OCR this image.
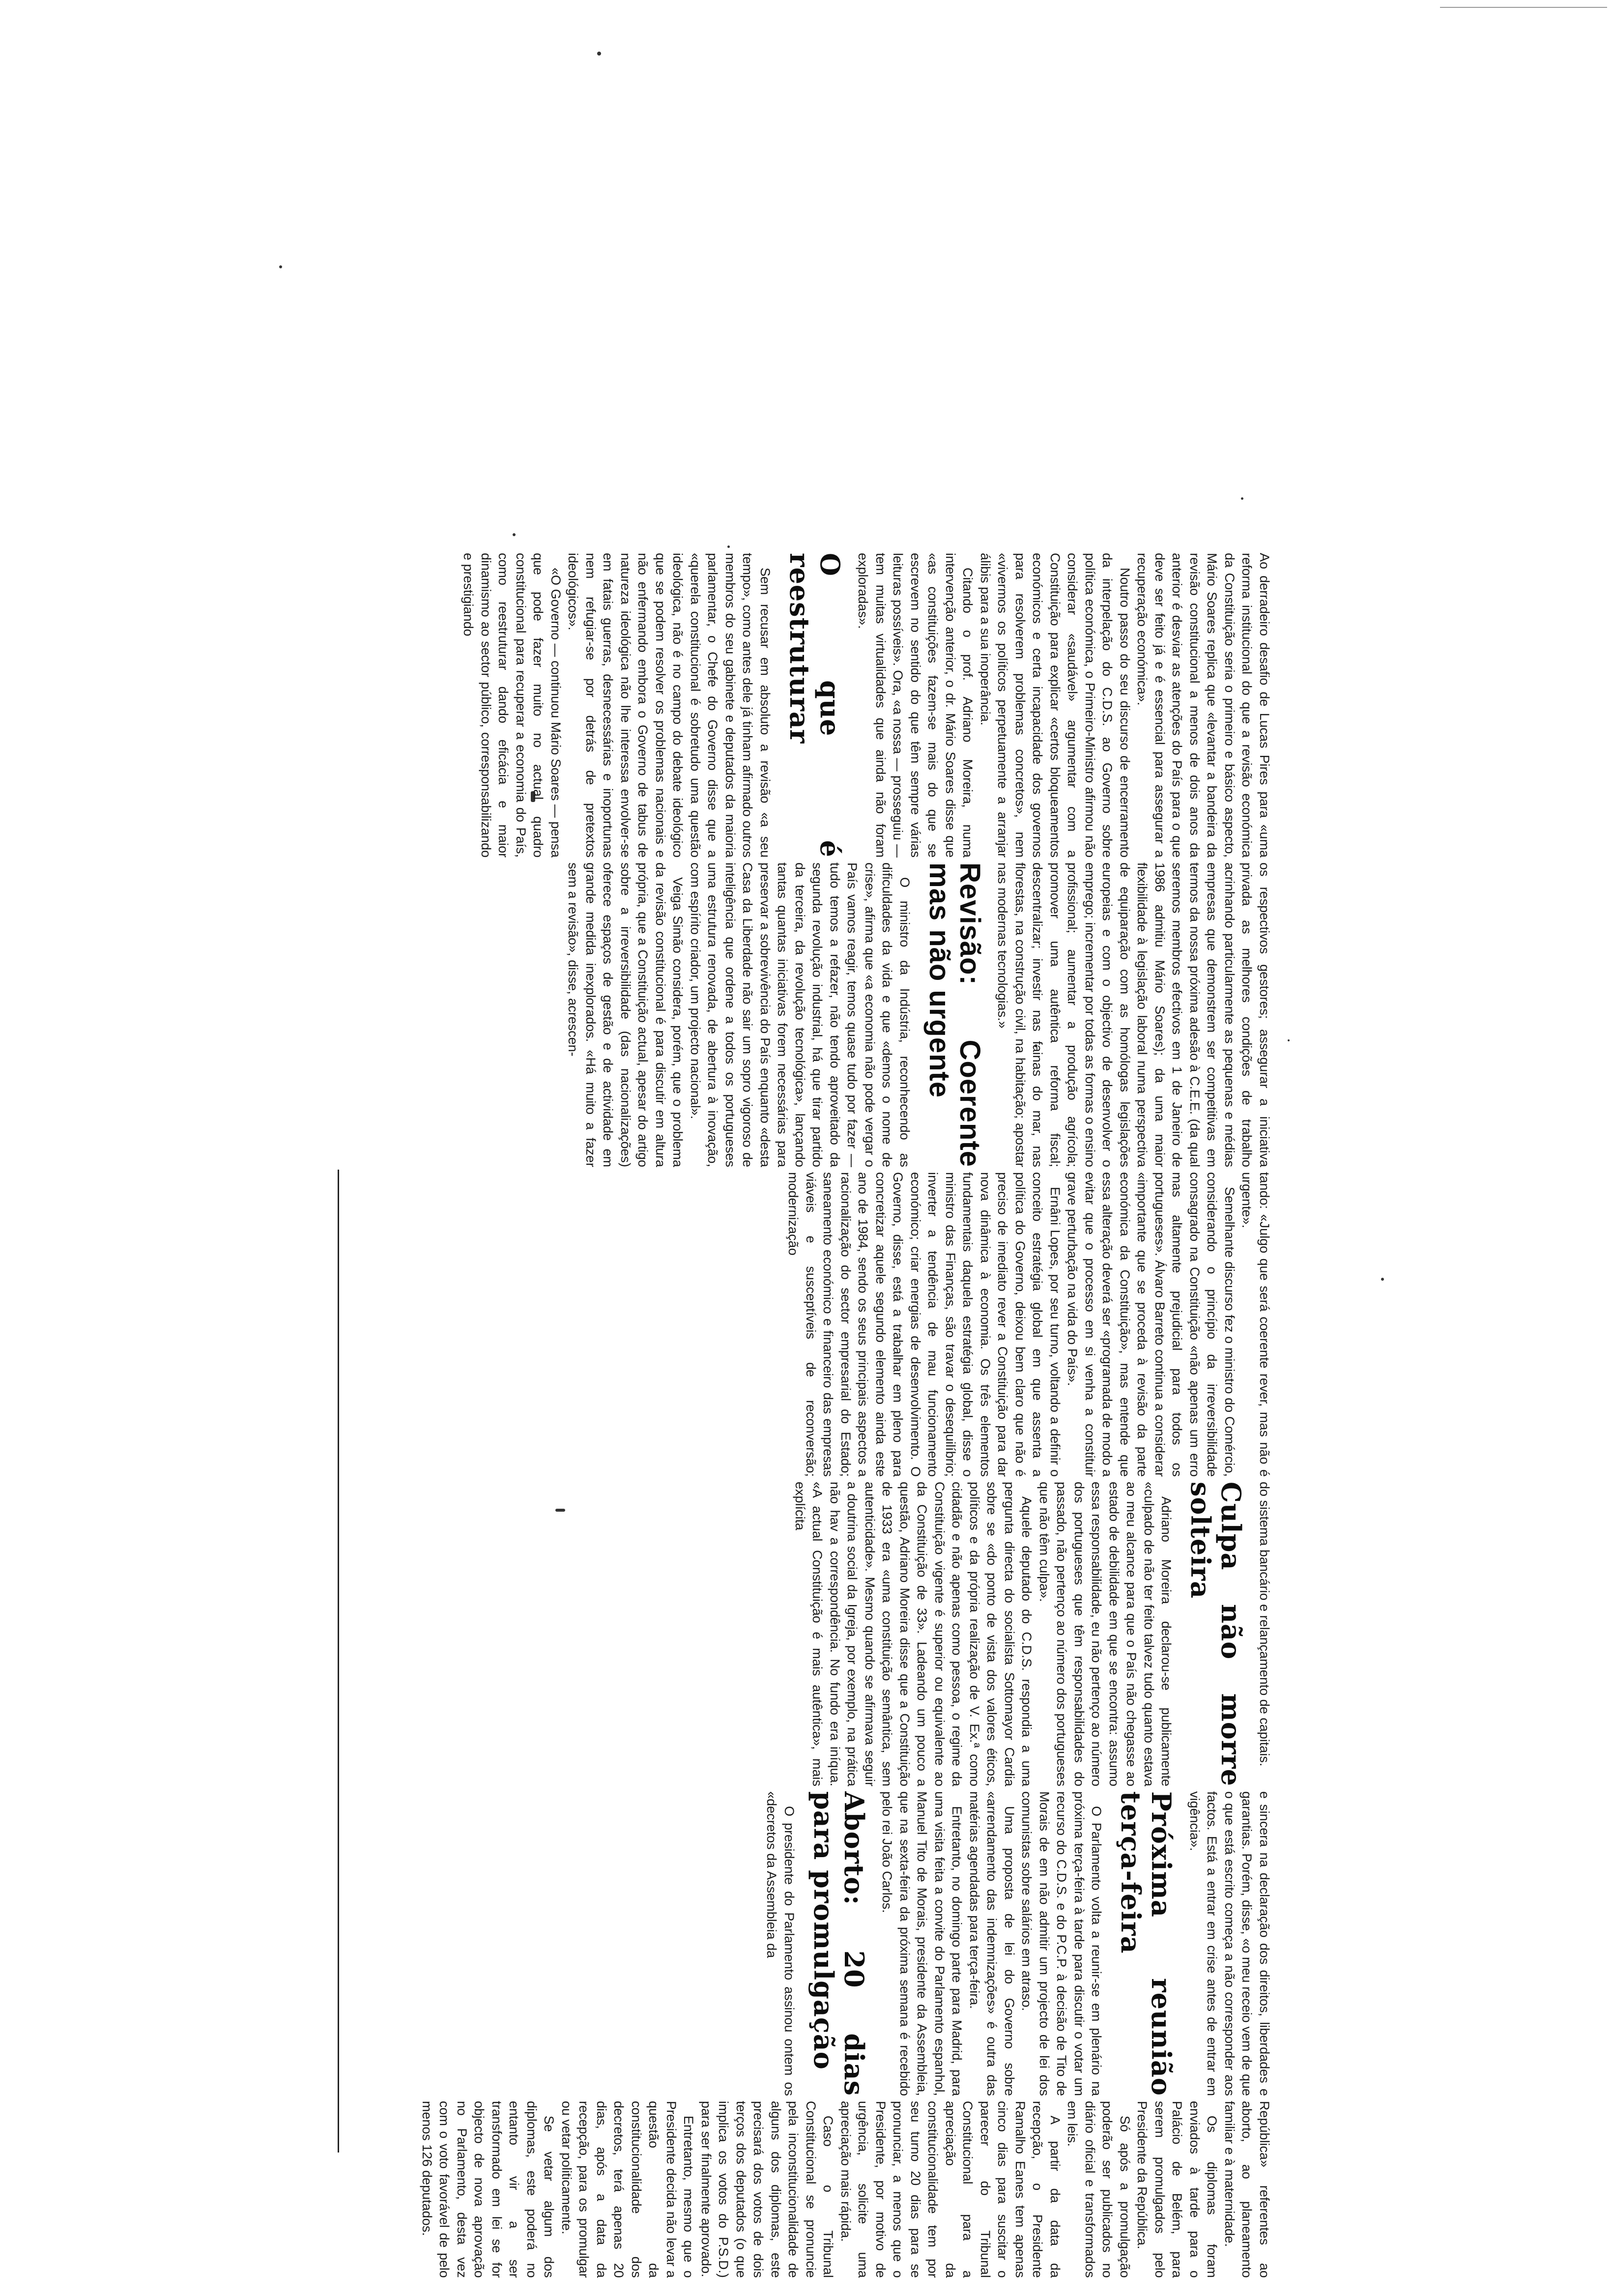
Ao derradeiro desafio de Lucas Pires para «uma reforma institucional do que a revisão económica da Constituição seria o primeiro e básico aspecto, Mário Soares replica que «levantar a bandeira da revisão constitucional a menos de dois anos da anterior é desviar as atenções do País para o que deve ser feito já e é essencial para assegurar a recuperação económica».

Noutro passo do seu discurso de encerramento da interpelação do C.D.S. ao Governo sobre política económica, o Primeiro-Ministro afirmou não considerar «saudável» argumentar com a Constituição para explicar «certos bloqueamentos económicos e certa incapacidade dos governos para resolverem problemas concretos», nem «vivermos os políticos perpetuamente a arranjar álibis para a sua inoperância.

Citando o prof. Adriano Moreira, numa intervenção anterior, o dr. Mário Soares disse que «as constituições fazem-se mais do que se escrevem no sentido do que têm sempre várias leituras possíveis». Ora, «a nossa — prosseguiu — tem muitas virtualidades que ainda não foram exploradas».

O que é reestruturar

Sem recusar em absoluto a revisão «a seu tempo», como antes dele já tinham afirmado outros membros do seu gabinete e deputados da maioria parlamentar, o Chefe do Governo disse que a «querela constitucional é sobretudo uma questão ideológica, não é no campo do debate ideológico que se podem resolver os problemas nacionais e não enfermando embora o Governo de tabus de natureza ideológica não lhe interessa envolver-se em fatais guerras, desnecessárias e inoportunas nem refugiar-se por detrás de pretextos ideológicos».

«O Governo — continuou Mário Soares — pensa que pode fazer muito no actual quadro constitucional para recuperar a economia do País, como reestruturar dando eficácia e maior dinamismo ao sector público, corresponsabilizando e prestigiando

os respectivos gestores; assegurar a iniciativa privada as melhores condições de trabalho acrinhando particularmente as pequenas e médias empresas que demonstrem ser competitivas em termos da nossa próxima adesão à C.E.E. (da qual seremos membros efectivos em 1 de Janeiro de 1986 admitiu Mário Soares); da uma maior flexibilidade à legislação laboral numa perspectiva de equiparação com as homólogas legislações europeias e com o objectivo de desenvolver o emprego; incrementar por todas as formas o ensino profissional; aumentar a produção agrícola; promover uma autêntica reforma fiscal; descentralizar; investir nas fainas do mar, nas florestas, na construção civil, na habitação; apostar nas modernas tecnologias.»

Revisão: Coerente mas não urgente

O ministro da Indústria, reconhecendo as dificuldades da vida e que «demos o nome de crise», afirma que «a economia não pode vergar o País vamos reagir, temos quase tudo por fazer — tudo temos a refazer, não tendo aproveitado da segunda revolução industrial, há que tirar partido da terceira, da revolução tecnológica», lançando tantas quantas iniciativas forem necessárias para preservar a sobrevivência do País enquanto «desta Casa da Liberdade não sair um sopro vigoroso de inteligência que ordene a todos os portugueses uma estrutura renovada, de abertura à inovação, com espírito criador, um projecto nacional».

Veiga Simão considera, porém, que o problema da revisão constitucional é para discutir em altura própria, que a Constituição actual, apesar do artigo sobre a irreversibilidade (das nacionalizações) oferece espaços de gestão e de actividade em grande medida inexplorados. «Há muito a fazer sem a revisão», disse, acrescen-

tando: «Julgo que será coerente rever, mas não é urgente».

Semelhante discurso fez o ministro do Comércio, considerando o princípio da irreversibilidade consagrado na Constituição «não apenas um erro mas altamente prejudicial para todos os portugueses». Álvaro Barreto continua a considerar «importante que se proceda à revisão da parte económica da Constituição», mas entende que essa alteração deverá ser «programada de modo a evitar que o processo em si venha a constituir grave perturbação na vida do País».

Ernâni Lopes, por seu turno, voltando a definir o conceito estratégia global em que assenta a política do Governo, deixou bem claro que não é preciso de imediato rever a Constituição para dar nova dinâmica à economia. Os três elementos fundamentais daquela estratégia global, disse o ministro das Finanças, são travar o desequilíbrio; inverter a tendência de mau funcionamento económico; criar energias de desenvolvimento. O Governo, disse, está a trabalhar em pleno para concretizar aquele segundo elemento ainda este ano de 1984, sendo os seus principais aspectos a racionalização do sector empresarial do Estado; saneamento económico e financeiro das empresas viáveis e susceptíveis de reconversão; modernização

do sistema bancário e relançamento de capitais.

Culpa não morre solteira

Adriano Moreira declarou-se publicamente «culpado de não ter feito talvez tudo quanto estava ao meu alcance para que o País não chegasse ao estado de debilidade em que se encontra: assumo essa responsabilidade, eu não pertenço ao número dos portugueses que têm responsabilidades do passado, não pertenço ao número dos portugueses que não têm culpa».

Aquele deputado do C.D.S. respondia a uma pergunta directa do socialista Sottomayor Cardia sobre se «do ponto de vista dos valores éticos, políticos e da própria realização de V. Ex.ª como cidadão e não apenas como pessoa, o regime da Constituição vigente é superior ou equivalente ao da Constituição de 33». Ladeando um pouco a questão, Adriano Moreira disse que a Constituição de 1933 era «uma constituição semântica, sem autenticidade». Mesmo quando se afirmava seguir a doutrina social da Igreja, por exemplo, na prática não hav a correspondência. No fundo era iníqua. «A actual Constituição é mais autêntica», mais explícita

e sincera na declaração dos direitos, liberdades e garantias. Porém, disse, «o meu receio vem de que o que está escrito começa a não corresponder aos factos. Está a entrar em crise antes de entrar em vigência».

Próxima reunião terça-feira

O Parlamento volta a reunir-se em plenário na próxima terça-feira à tarde para discutir o votar um recurso do C.D.S. e do P.C.P. à decisão de Tito de Morais de em não admitir um projecto de lei dos comunistas sobre salários em atraso.

Uma proposta de lei do Governo sobre «arrendamento das indemnizações» é outra das matérias agendadas para terça-feira.

Entretanto, no domingo parte para Madrid, para uma visita feita a convite do Parlamento espanhol, Manuel Tito de Morais, presidente da Assembleia, que na sexta-feira da próxima semana é recebido pelo rei João Carlos.

Aborto: 20 dias para promulgação

O presidente do Parlamento assinou ontem os «decretos da Assembleia da

República» referentes ao aborto, ao planeamento familiar e à maternidade.

Os diplomas foram enviados à tarde para o Palácio de Belém, para serem promulgados pelo Presidente da República.

Só após a promulgação poderão ser publicados no diário oficial e transformados em leis.

A partir da data da recepção, o Presidente Ramalho Eanes tem apenas cinco dias para suscitar o parecer do Tribunal Constitucional para a apreciação da constitucionalidade tem por seu turno 20 dias para se pronunciar, a menos que o Presidente, por motivo de urgência, solicite uma apreciação mais rápida.

Caso o Tribunal Constitucional se pronuncie pela inconstitucionalidade de alguns dos diplomas, este precisará dos votos de dois terços dos deputados (o que implica os votos do P.S.D.) para ser finalmente aprovado.

Entretanto, mesmo que o Presidente decida não levar a questão da constitucionalidade dos decretos, terá apenas 20 dias, após a data da recepção, para os promulgar ou vetar politicamente.

Se vetar algum dos diplomas, este poderá no entanto vir a ser transformado em lei se for objecto de nova aprovação no Parlamento, desta vez com o voto favorável de pelo menos 126 deputados.
